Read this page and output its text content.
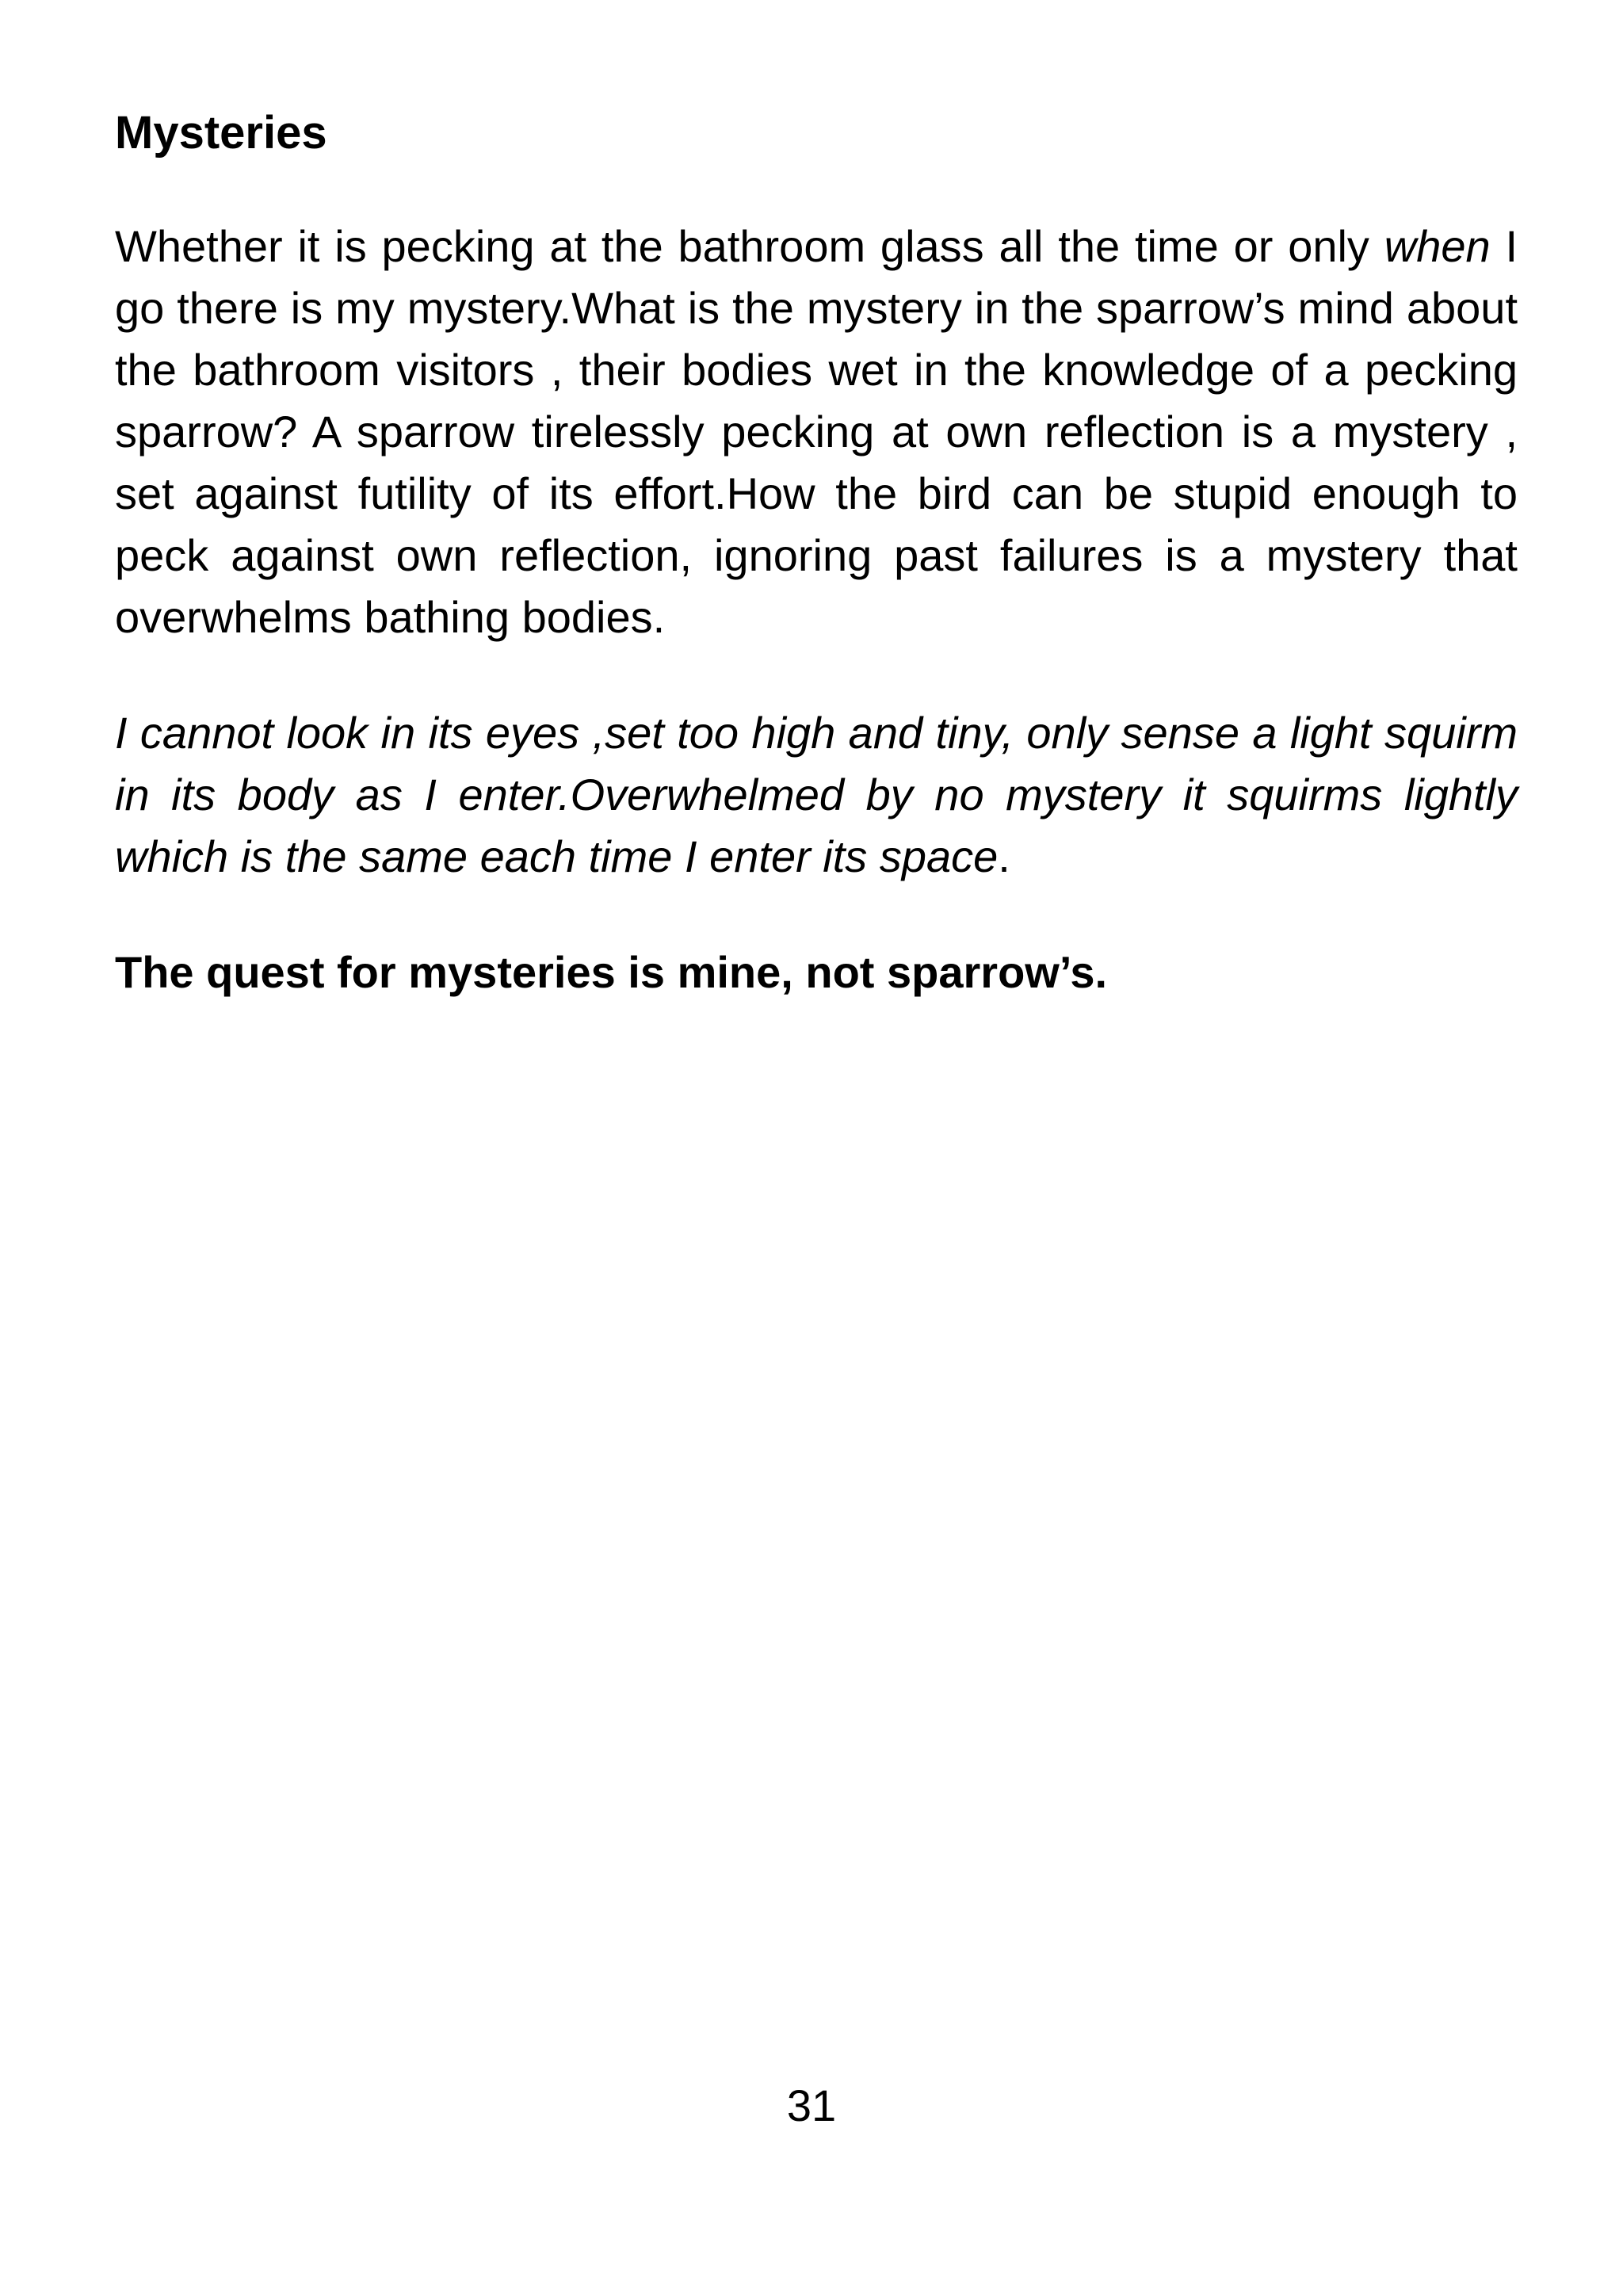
Mysteries

Whether it is pecking at the bathroom glass all the time or only when I go there is my mystery.What is the mystery in the sparrow’s mind about the bathroom visitors , their bodies wet in the knowledge of a pecking sparrow? A sparrow tirelessly pecking at own reflection is a mystery , set against futility of its effort.How the bird can be stupid enough to peck against own reflection, ignoring past failures is a mystery that overwhelms bathing bodies.

I cannot look in its eyes ,set too high and tiny, only sense a light squirm in its body as I enter.Overwhelmed by no mystery it squirms lightly which is the same each time I enter its space.

The quest for mysteries is mine, not sparrow’s.

31
